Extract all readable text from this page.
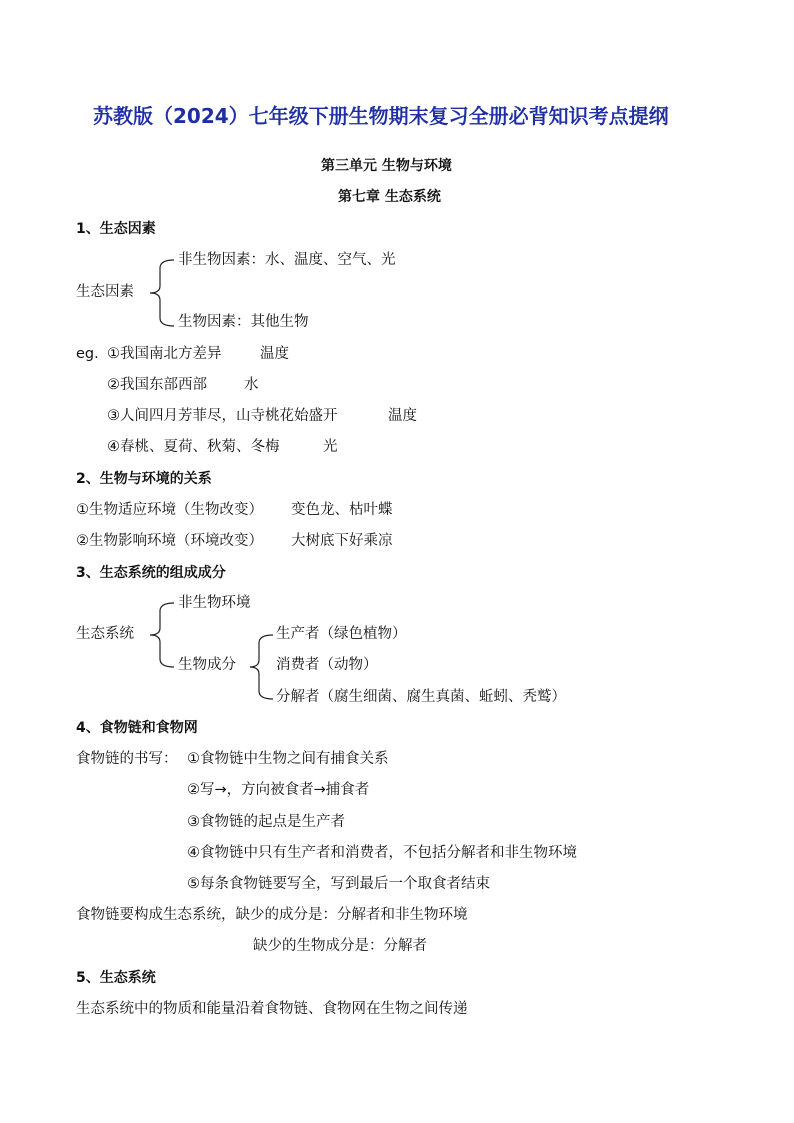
苏教版（2024）七年级下册生物期末复习全册必背知识考点提纲
第三单元 生物与环境
第七章 生态系统
1、生态因素
生态因素
非生物因素：水、温度、空气、光
生物因素：其他生物
eg. ①我国南北方差异	温度
②我国东部西部	水
③人间四月芳菲尽，山寺桃花始盛开	温度
④春桃、夏荷、秋菊、冬梅	光
2、生物与环境的关系
①生物适应环境（生物改变） 变色龙、枯叶蝶
②生物影响环境（环境改变） 大树底下好乘凉
3、生态系统的组成成分
生态系统
非生物环境
生物成分
生产者（绿色植物）
消费者（动物）
分解者（腐生细菌、腐生真菌、蚯蚓、秃鹫）
4、食物链和食物网
食物链的书写： ①食物链中生物之间有捕食关系
②写→，方向被食者→捕食者
③食物链的起点是生产者
④食物链中只有生产者和消费者，不包括分解者和非生物环境
⑤每条食物链要写全，写到最后一个取食者结束
食物链要构成生态系统，缺少的成分是：分解者和非生物环境
缺少的生物成分是：分解者
5、生态系统
生态系统中的物质和能量沿着食物链、食物网在生物之间传递
